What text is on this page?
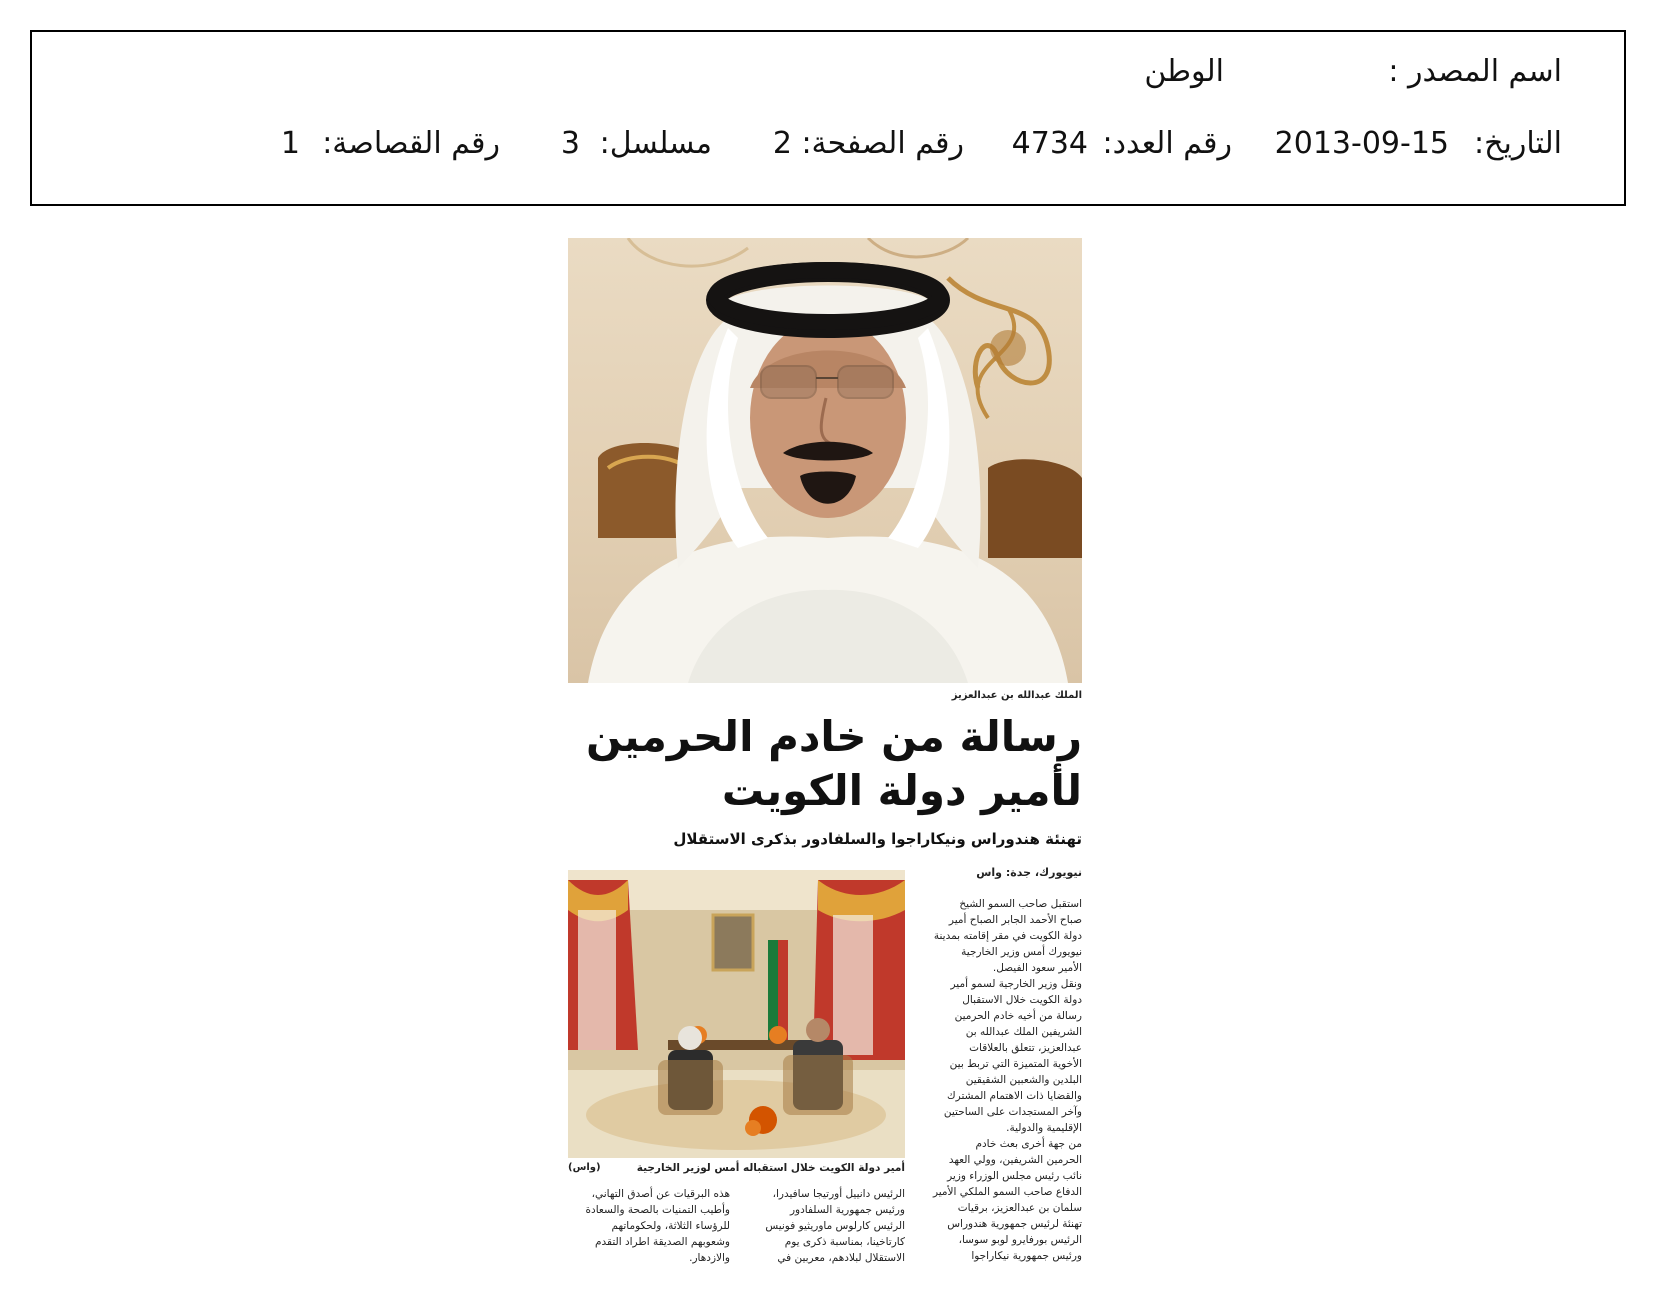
اسم المصدر :
الوطن
التاريخ:
2013-09-15
رقم العدد:
4734
رقم الصفحة:
2
مسلسل:
3
رقم القصاصة:
1
الملك عبدالله بن عبدالعزيز
رسالة من خادم الحرمين
لأمير دولة الكويت
تهنئة هندوراس ونيكاراجوا والسلفادور بذكرى الاستقلال
نيويورك، جدة: واس
أمير دولة الكويت خلال استقباله أمس لوزير الخارجية
(واس)

استقبل صاحب السمو الشيخ

صباح الأحمد الجابر الصباح أمير

دولة الكويت في مقر إقامته بمدينة

نيويورك أمس وزير الخارجية

الأمير سعود الفيصل.

ونقل وزير الخارجية لسمو أمير

دولة الكويت خلال الاستقبال

رسالة من أخيه خادم الحرمين

الشريفين الملك عبدالله بن

عبدالعزيز، تتعلق بالعلاقات

الأخوية المتميزة التي تربط بين

البلدين والشعبين الشقيقين

والقضايا ذات الاهتمام المشترك

وآخر المستجدات على الساحتين

الإقليمية والدولية.

من جهة أخرى بعث خادم

الحرمين الشريفين، وولي العهد

نائب رئيس مجلس الوزراء وزير

الدفاع صاحب السمو الملكي الأمير

سلمان بن عبدالعزيز، برقيات

تهنئة لرئيس جمهورية هندوراس

الرئيس بورفايرو لوبو سوسا،

ورئيس جمهورية نيكاراجوا

الرئيس دانييل أورتيجا سافيدرا،

ورئيس جمهورية السلفادور

الرئيس كارلوس ماوريثيو فونيس

كارتاخينا، بمناسبة ذكرى يوم

الاستقلال لبلادهم، معربين في

هذه البرقيات عن أصدق التهاني،

وأطيب التمنيات بالصحة والسعادة

للرؤساء الثلاثة، ولحكوماتهم

وشعوبهم الصديقة اطراد التقدم

والازدهار.
